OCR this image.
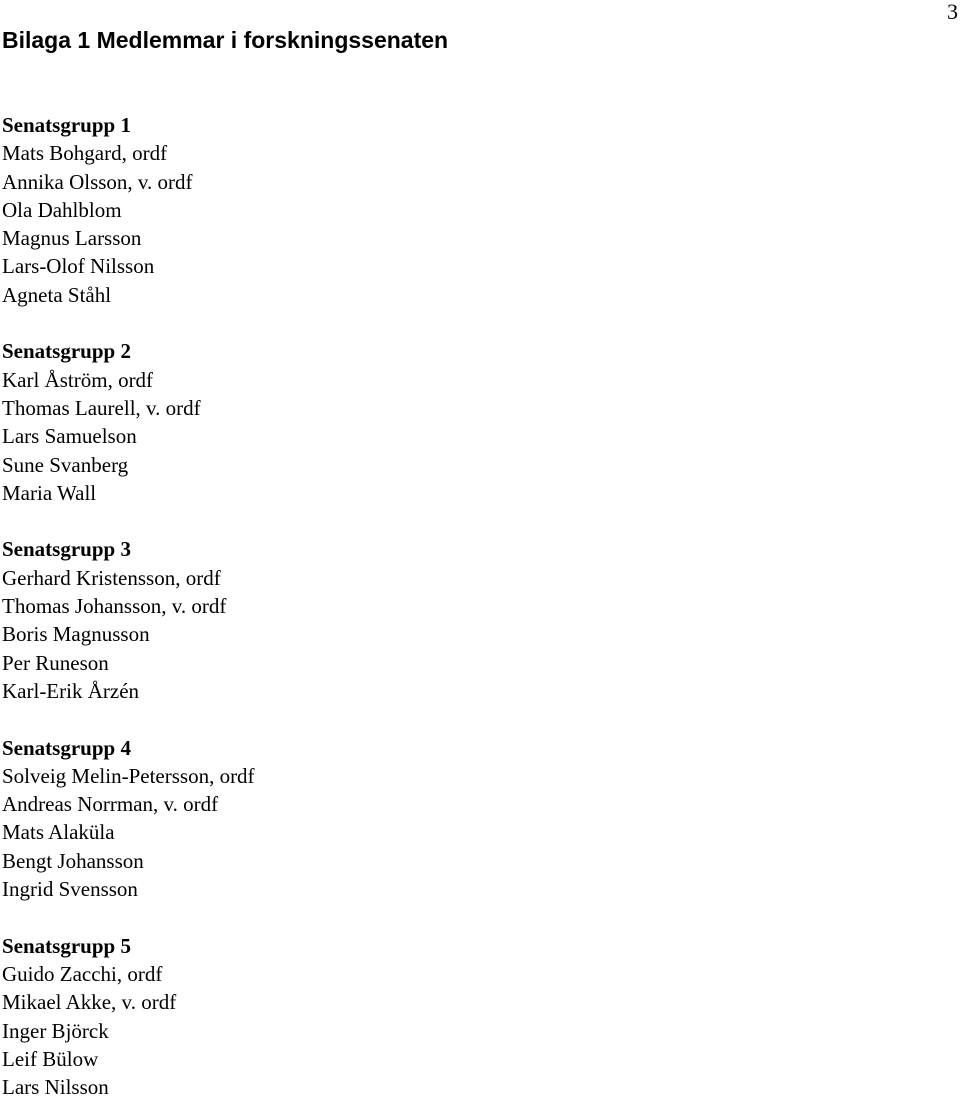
3
Bilaga 1 Medlemmar i forskningssenaten
Senatsgrupp 1
Mats Bohgard, ordf
Annika Olsson, v. ordf
Ola Dahlblom
Magnus Larsson
Lars-Olof Nilsson
Agneta Ståhl
Senatsgrupp 2
Karl Åström, ordf
Thomas Laurell, v. ordf
Lars Samuelson
Sune Svanberg
Maria Wall
Senatsgrupp 3
Gerhard Kristensson, ordf
Thomas Johansson, v. ordf
Boris Magnusson
Per Runeson
Karl-Erik Årzén
Senatsgrupp 4
Solveig Melin-Petersson, ordf
Andreas Norrman, v. ordf
Mats Alaküla
Bengt Johansson
Ingrid Svensson
Senatsgrupp 5
Guido Zacchi, ordf
Mikael Akke, v. ordf
Inger Björck
Leif Bülow
Lars Nilsson
